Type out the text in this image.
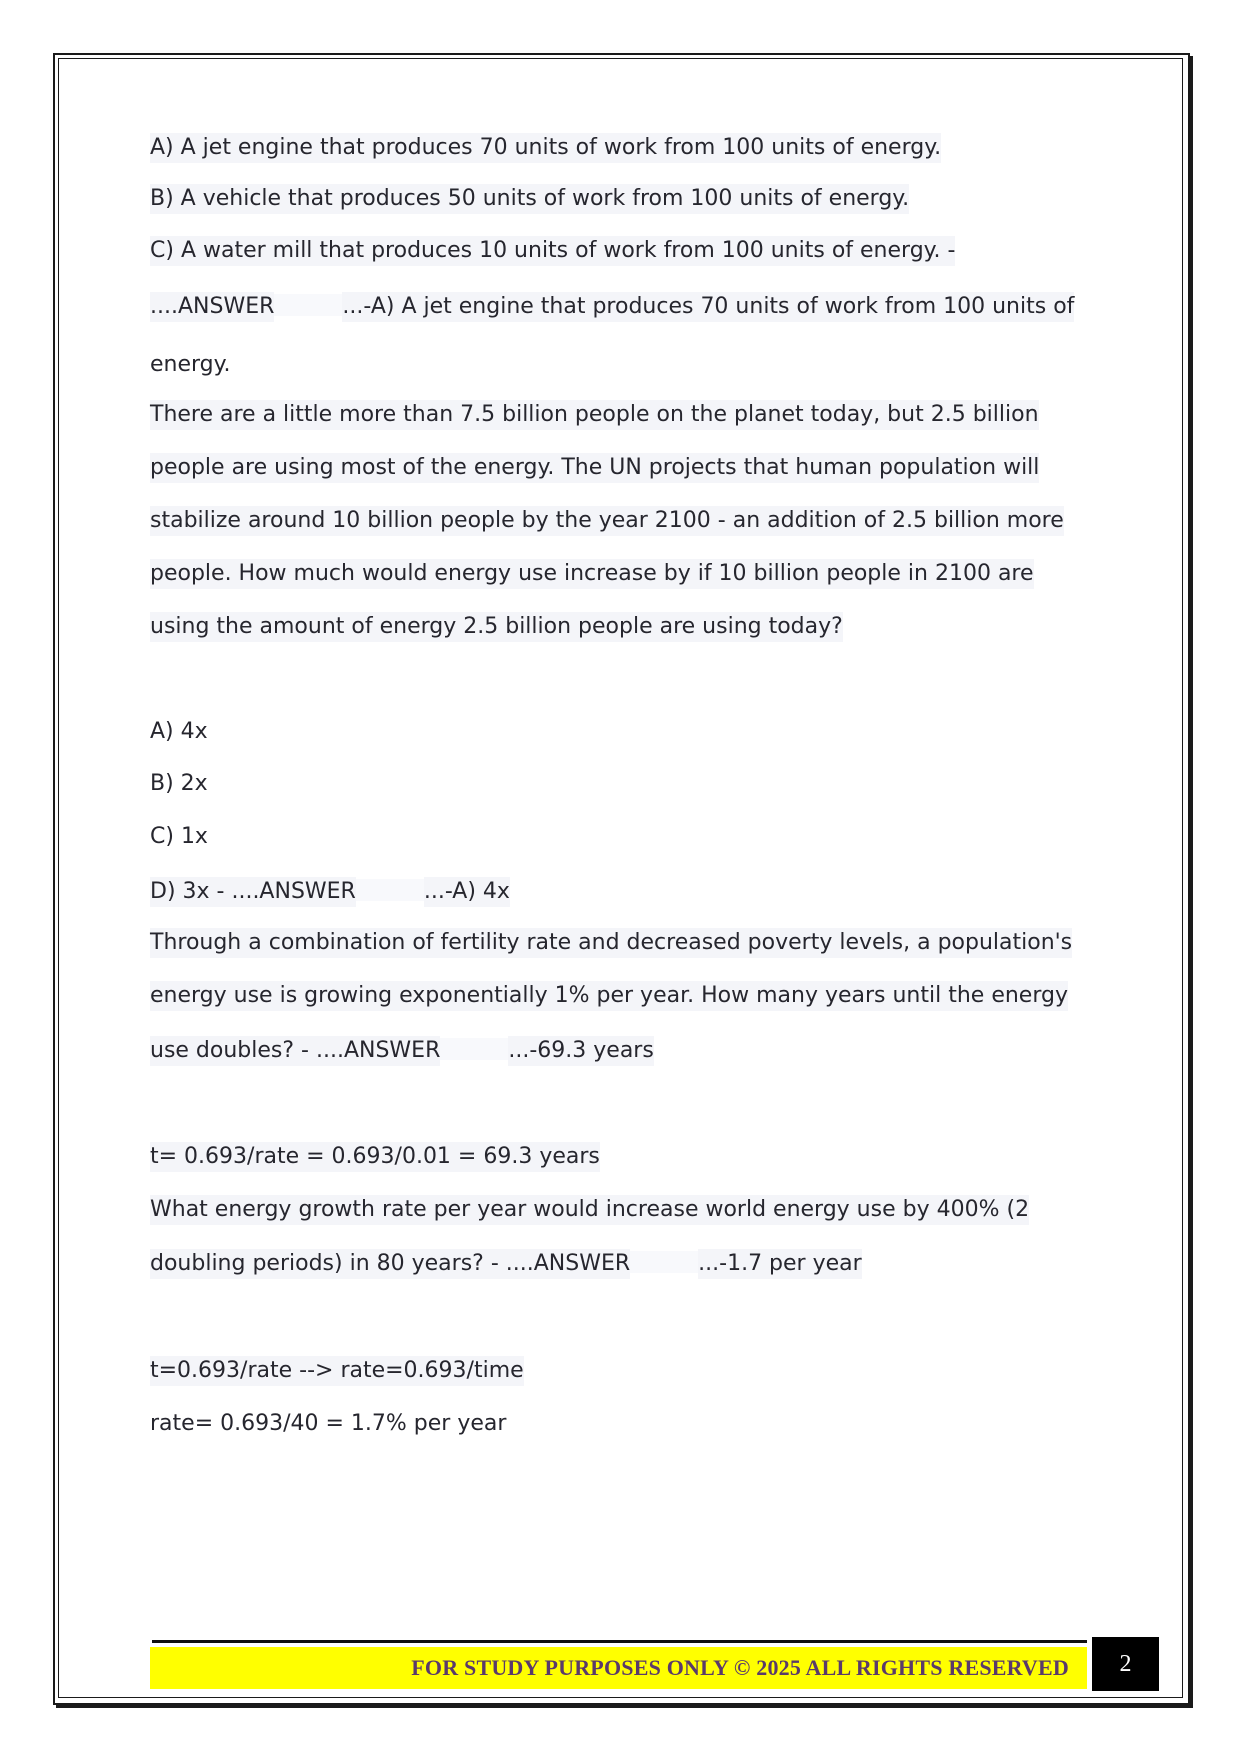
A) A jet engine that produces 70 units of work from 100 units of energy.

B) A vehicle that produces 50 units of work from 100 units of energy.

C) A water mill that produces 10 units of work from 100 units of energy. -

....ANSWER	...-A) A jet engine that produces 70 units of work from 100 units of

energy.

There are a little more than 7.5 billion people on the planet today, but 2.5 billion

people are using most of the energy. The UN projects that human population will

stabilize around 10 billion people by the year 2100 - an addition of 2.5 billion more

people. How much would energy use increase by if 10 billion people in 2100 are

using the amount of energy 2.5 billion people are using today?

A) 4x

B) 2x

C) 1x

D) 3x - ....ANSWER	...-A) 4x

Through a combination of fertility rate and decreased poverty levels, a population's

energy use is growing exponentially 1% per year. How many years until the energy

use doubles? - ....ANSWER	...-69.3 years

t= 0.693/rate = 0.693/0.01 = 69.3 years

What energy growth rate per year would increase world energy use by 400% (2

doubling periods) in 80 years? - ....ANSWER	...-1.7 per year

t=0.693/rate --> rate=0.693/time

rate= 0.693/40 = 1.7% per year

FOR STUDY PURPOSES ONLY © 2025 ALL RIGHTS RESERVED	2
